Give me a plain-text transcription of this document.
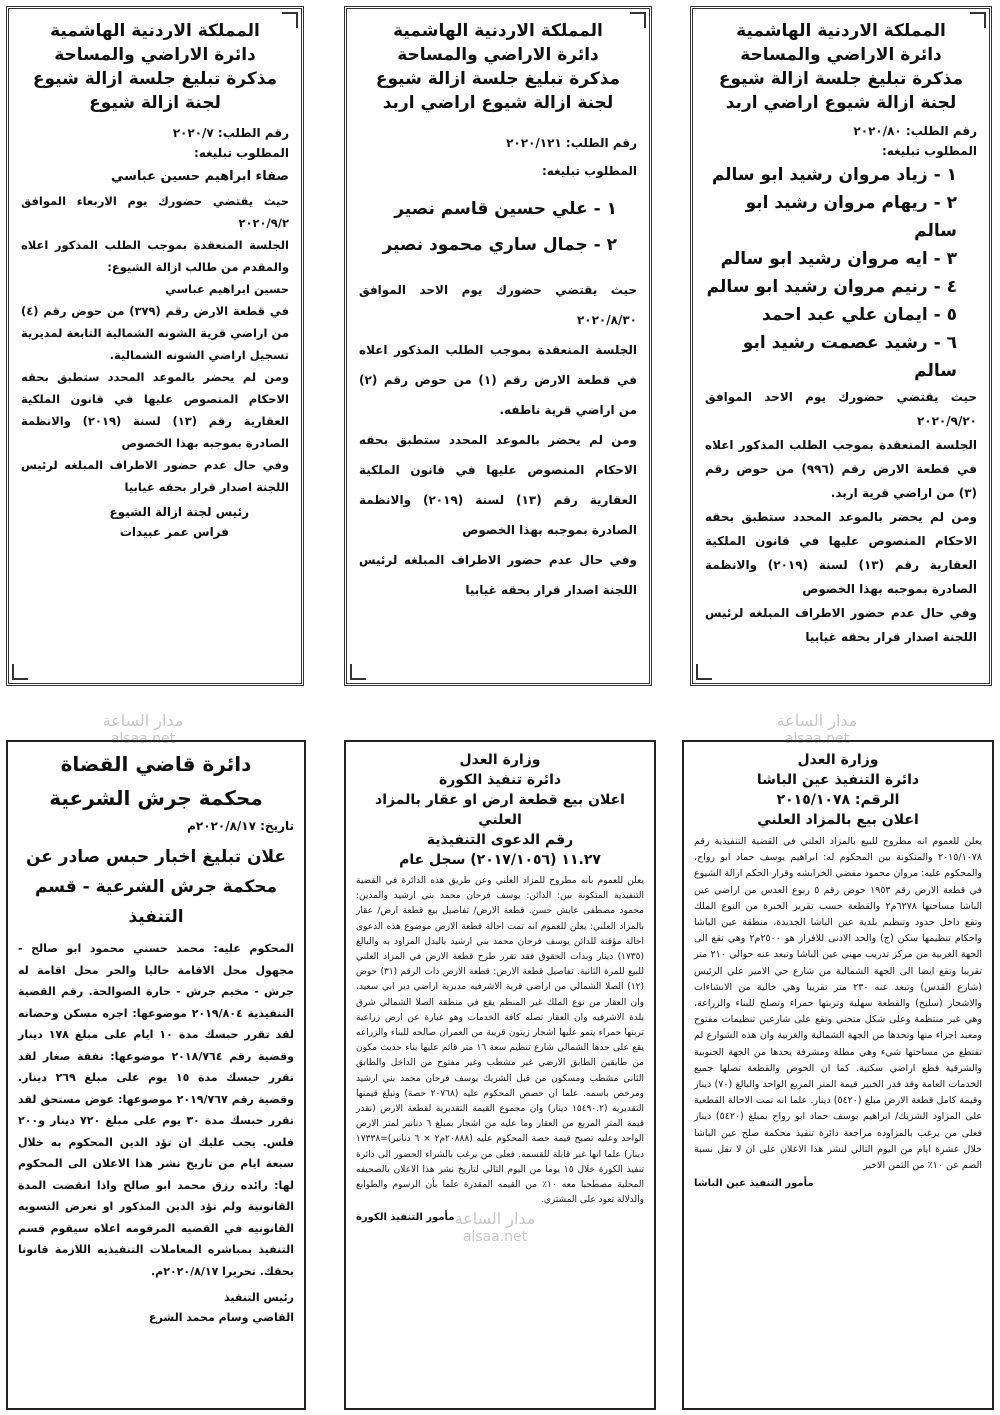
مدار الساعة
alsaa.net
مدار الساعة
alsaa.net
المملكة الاردنية الهاشمية
دائرة الاراضي والمساحة
مذكرة تبليغ جلسة ازالة شيوع
لجنة ازالة شيوع اراضي اربد
رقم الطلب: ٢٠٢٠/٨٠
المطلوب تبليغه:
١ - زياد مروان رشيد ابو سالم
٢ - ريهام مروان رشيد ابو سالم
٣ - ايه مروان رشيد ابو سالم
٤ - رنيم مروان رشيد ابو سالم
٥ - ايمان علي عبد احمد
٦ - رشيد عصمت رشيد ابو سالم
حيث يقتضي حضورك يوم الاحد الموافق ٢٠٢٠/٩/٢٠
الجلسة المنعقدة بموجب الطلب المذكور اعلاه في قطعة الارض رقم (٩٩٦) من حوض رقم (٣) من اراضي قرية اربد.
ومن لم يحضر بالموعد المحدد ستطبق بحقه الاحكام المنصوص عليها في قانون الملكية العقارية رقم (١٣) لسنة (٢٠١٩) والانظمة الصادرة بموجبه بهذا الخصوص
وفي حال عدم حضور الاطراف المبلغه لرئيس اللجنة اصدار قرار بحقه غيابيا
المملكة الاردنية الهاشمية
دائرة الاراضي والمساحة
مذكرة تبليغ جلسة ازالة شيوع
لجنة ازالة شيوع اراضي اربد
رقم الطلب: ٢٠٢٠/١٢١
المطلوب تبليغه:
١ - علي حسين قاسم نصير
٢ - جمال ساري محمود نصير
حيث يقتضي حضورك يوم الاحد الموافق ٢٠٢٠/٨/٣٠
الجلسة المنعقدة بموجب الطلب المذكور اعلاه في قطعة الارض رقم (١) من حوض رقم (٢) من اراضي قرية ناطفه.
ومن لم يحضر بالموعد المحدد ستطبق بحقه الاحكام المنصوص عليها في قانون الملكية العقارية رقم (١٣) لسنة (٢٠١٩) والانظمة الصادرة بموجبه بهذا الخصوص
وفي حال عدم حضور الاطراف المبلغه لرئيس اللجنة اصدار قرار بحقه غيابيا
المملكة الاردنية الهاشمية
دائرة الاراضي والمساحة
مذكرة تبليغ جلسة ازالة شيوع
لجنة ازالة شيوع
رقم الطلب: ٢٠٢٠/٧
المطلوب تبليغه:
صفاء ابراهيم حسين عباسي
حيث يقتضي حضورك يوم الاربعاء الموافق ٢٠٢٠/٩/٢
الجلسة المنعقدة بموجب الطلب المذكور اعلاه والمقدم من طالب ازالة الشيوع:
حسين ابراهيم عباسي
في قطعة الارض رقم (٣٧٩) من حوض رقم (٤) من اراضي قرية الشونه الشمالية التابعة لمديرية تسجيل اراضي الشونه الشمالية.
ومن لم يحضر بالموعد المحدد ستطبق بحقه الاحكام المنصوص عليها في قانون الملكية العقارية رقم (١٣) لسنة (٢٠١٩) والانظمة الصادرة بموجبه بهذا الخصوص
وفي حال عدم حضور الاطراف المبلغه لرئيس اللجنة اصدار قرار بحقه غيابيا
رئيس لجنة ازالة الشيوع
فراس عمر عبيدات
وزارة العدل
دائرة التنفيذ عين الباشا
الرقم: ٢٠١٥/١٠٧٨
اعلان بيع بالمزاد العلني
يعلن للعموم انه مطروح للبيع بالمزاد العلني في القضية التنفيذية رقم ٢٠١٥/١٠٧٨ والمتكونة بين المحكوم له: ابراهيم يوسف حماد ابو رواح، والمحكوم عليه: مروان محمود مفضي الخرابشه وقرار الحكم ازالة الشيوع في قطعة الارض رقم ١٩٥٣ حوض رقم ٥ ربوع العدس من اراضي عين الباشا مساحتها ٦٢٧٨م٢ والقطعة حسب تقرير الخبرة من النوع الملك وتقع داخل حدود وتنظيم بلدية عين الباشا الجديدة، منطقة عين الباشا واحكام تنظيمها سكن (ج) والحد الادنى للافراز هو ٢٥٠٠م٢ وهي تقع الى الجهة الغربية من مركز تدريب مهني عين الباشا وتبعد عنه حوالي ٢١٠ متر تقريبا وتقع ايضا الى الجهة الشمالية من شارع حي الامير علي الرئيس (شارع القدس) وتبعد عنه ٢٣٠ متر تقريبا وهي خالية من الانشاءات والاشجار (سليخ) والقطعة سهلية وتربتها حمراء وتصلح للبناء والزراعة، وهي غير منتظمة وعلى شكل متحني وتقع على شارعين تنظيمات مفتوح ومعبد اجزاء منها وتحدها من الجهة الشمالية والغربية وان هذه الشوارع لم تقتطع من مساحتها شيء وهي مطلة ومشرفة يحدها من الجهة الجنوبية والشرقية قطع اراضي سكنية. كما ان الحوض والقطعة تصلها جميع الخدمات العامة وقد قدر الخبير قيمة المتر المربع الواحد والبالغ (٧٠) دينار وقيمة كامل قطعة الارض مبلغ (٥٤٢٠) دينار. علما انه تمت الاحالة القطعية على المزاود الشريك/ ابراهيم يوسف حماد ابو رواح بمبلغ (٥٤٢٠) دينار فعلى من يرغب بالمزاوده مراجعة دائرة تنفيذ محكمة صلح عين الباشا خلال عشرة ايام من اليوم التالي لنشر هذا الاعلان على ان لا تقل نسبة الضم عن ١٠٪ من الثمن الاخير
مأمور التنفيذ عين الباشا
وزارة العدل
دائرة تنفيذ الكورة
اعلان بيع قطعة ارض او عقار بالمزاد العلني
رقم الدعوى التنفيذية
١١.٢٧ (٢٠١٧/١٠٥٦) سجل عام
يعلن للعموم بانه مطروح للمزاد العلني وعن طريق هذه الدائرة في القضية التنفيذية المتكونة بين: الدائن: يوسف فرحان محمد بني ارشيد والمدين: محمود مصطفى عايش حسن. قطعة الارض/ تفاصيل بيع قطعة ارض/ عقار بالمزاد العلني: يعلن للعموم انه تمت احالة قطعة الارض موضوع هذه الدعوى احالة مؤقتة للدائن يوسف فرحان محمد بني ارشيد بالبدل المزاود به والبالغ (١٧٣٥) دينار وبذات الحقوق فقد تقرر طرح قطعة الارض في المزاد العلني للبيع للمرة الثانية. تفاصيل قطعة الارض: قطعة الارض ذات الرقم (٣١) حوض (١٢) الصلا الشمالي من اراضي قرية الاشرفيه مديرية اراضي دير ابي سعيد، وان العقار من نوع الملك غير المنظم يقع في منطقة الصلا الشمالي شرق بلدة الاشرفيه وان العقار تصله كافة الخدمات وهو عبارة عن ارض زراعية تربتها حمراء يتمو عليها اشجار زيتون قريبة من العمران صالحه للبناء والزراعه يقع على حدها الشمالي شارع تنظيم سعة ١٦ متر قائم عليها بناء حديث مكون من طابقين الطابق الارضي غير مشطب وغير مفتوح من الداخل والطابق الثاني مشطب ومسكون من قبل الشريك يوسف فرحان محمد بني ارشيد ومرخص باسمه. علما ان حصص المحكوم عليه (٢٠٧٦٨ حصة) وتبلغ قيمتها التقديرية (١٥٤٩٠.٢ دينار) وان مجموع القيمة التقديرية لقطعة الارض (تقدر قيمة المتر المربع من العقار وما عليه من اشجار بمبلغ ٦ دنانير لمتر الارض الواحد وعليه تصبح قيمة حصة المحكوم عليه (٢٠٨٨٨م٢ × ٦ دنانير)=١٧٣٣٨ دينار) علما انها غير قابلة للقسمة. فعلى من يرغب بالشراء الحضور الى دائرة تنفيذ الكورة خلال ١٥ يوما من اليوم التالي لتاريخ نشر هذا الاعلان بالصحيفه المحلية مصطحبا معه ١٠٪ من القيمه المقدرة علما بأن الرسوم والطوابع والدلالة تعود على المشتري.
مأمور التنفيذ الكورة
دائرة قاضي القضاة
محكمة جرش الشرعية
تاريخ: ٢٠٢٠/٨/١٧م
علان تبليغ اخبار حبس صادر عن محكمة جرش الشرعية - قسم التنفيذ
المحكوم عليه: محمد حسني محمود ابو صالح - مجهول محل الاقامة حاليا والحر محل اقامة له جرش - مخيم جرش - حارة الصوالحة. رقم القضية التنفيذية ٢٠١٩/٨٠٤ موضوعها: اجره مسكن وحضانه لقد تقرر حبسك مدة ١٠ ايام على مبلغ ١٧٨ دينار وقضية رقم ٢٠١٨/٧٦٤ موضوعها: نفقة صغار لقد تقرر حبسك مدة ١٥ يوم على مبلغ ٢٦٩ دينار. وقضية رقم ٢٠١٩/٧٦٧ موضوعها: عوض مستحق لقد تقرر حبسك مدة ٣٠ يوم على مبلغ ٧٢٠ دينار و٢٠٠ فلس. يجب عليك ان تؤد الدين المحكوم به خلال سبعة ايام من تاريخ نشر هذا الاعلان الى المحكوم لها: رائده رزق محمد ابو صالح واذا انقضت المدة القانونية ولم تؤد الدين المذكور او تعرض التسويه القانونيه في القضيه المرقومه اعلاه سيقوم قسم التنفيذ بمباشره المعاملات التنفيذيه اللازمة قانونا بحقك. تحريرا ٢٠٢٠/٨/١٧م.
رئيس التنفيذ
القاضي وسام محمد الشرع
مدار الساعة
alsaa.net
